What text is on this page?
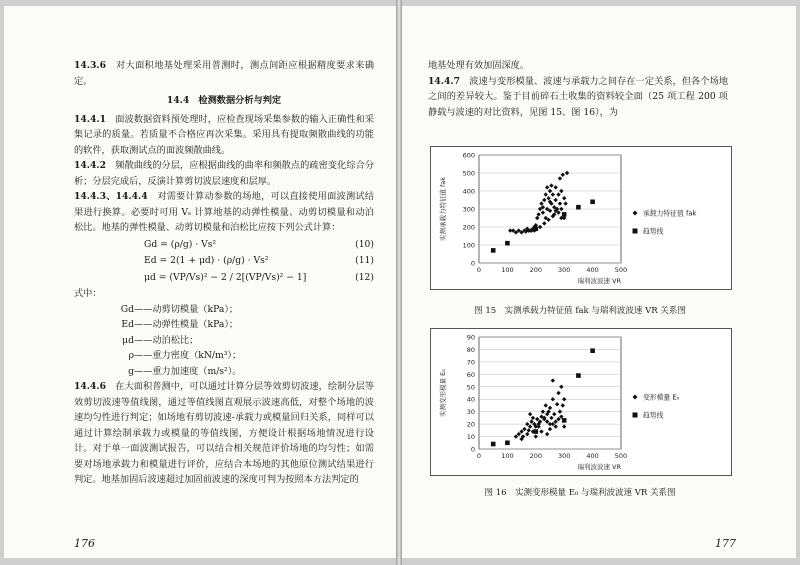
14.3.6　 对大面积地基处理采用普测时，测点间距应根据精度要求来确定。

14.4　检测数据分析与判定

14.4.1　 面波数据资料预处理时，应检查现场采集参数的输入正确性和采集记录的质量。若质量不合格应再次采集。采用具有提取频散曲线的功能的软件，获取测试点的面波频散曲线。

14.4.2　 频散曲线的分层，应根据曲线的曲率和频散点的疏密变化综合分析；分层完成后，反演计算剪切波层速度和层厚。

14.4.3、14.4.4　 对需要计算动参数的场地，可以直接使用面波测试结果进行换算。必要时可用 Vₛ 计算地基的动弹性模量、动剪切模量和动泊松比。地基的弹性模量、动剪切模量和泊松比应按下列公式计算：

Gd = (ρ/g) · Vs²	(10)
Ed = 2(1 + μd) · (ρ/g) · Vs²	(11)
μd = (VP/Vs)² − 2 / 2[(VP/Vs)² − 1]	(12)
式中：
Gd ——动剪切模量（kPa）；
Ed ——动弹性模量（kPa）；
μd ——动泊松比；
ρ ——重力密度（kN/m³）；
g ——重力加速度（m/s²）。

14.4.6　 在大面积普测中，可以通过计算分层等效剪切波速，绘制分层等效剪切波速等值线图，通过等值线图直观展示波速高低，对整个场地的波速均匀性进行判定；如场地有剪切波速-承载力或模量回归关系，同样可以通过计算绘制承载力或模量的等值线图，方便设计根据场地情况进行设计。对于单一面波测试报告，可以结合相关规范评价场地的均匀性；如需要对场地承载力和模量进行评价，应结合本场地的其他原位测试结果进行判定。地基加固后波速超过加固前波速的深度可判为按照本方法判定的

176

地基处理有效加固深度。

14.4.7　 波速与变形模量、波速与承载力之间存在一定关系，但各个场地之间的差异较大。鉴于目前碎石土收集的资料较全面（25 项工程 200 项静载与波速的对比资料，见图 15、图 16），为

0
100
200
300
400
500
600
0	100 200 300 400 500
瑞利波波速 VR
实测承载力特征值 fak	承载力特征值 fak
趋势线
图 15　实测承载力特征值 fak 与瑞利波波速 VR 关系图
0
10
20
30
40
50
60
70
80
90
0	100 200 300 400 500
瑞利波波速 VR
实测变形模量 E₀	变形模量 E₀
趋势线
图 16　实测变形模量 E₀ 与瑞利波波速 VR 关系图
177
